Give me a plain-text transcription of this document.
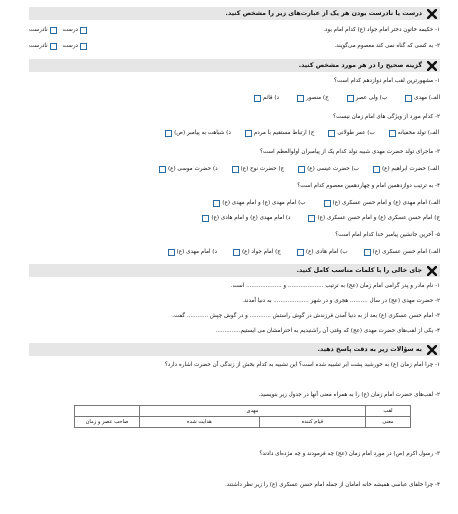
درست یا نادرست بودن هر یک از عبارت‌های زیر را مشخص کنید.
۱- حکیمه خاتون دختر امام جواد (ع) کدام امام بود.
درست
نادرست
۲- به کسی که گناه نمی کند معصوم می‌گویند.
درست
نادرست
گزینه صحیح را در هر مورد مشخص کنید.
۱- مشهورترین لقب امام دوازدهم کدام است؟
الف) مهدی
ب) ولی عصر
ج) منصور
د) قائم
۲- کدام مورد از ویژگی های امام زمان نیست؟
الف) تولد مخفیانه
ب) عمر طولانی
ج) ارتباط مستقیم با مردم
د) شباهت به پیامبر (ص)
۳- ماجرای تولد حضرت مهدی شبیه تولد کدام یک از پیامبران اولوالعظم است؟
الف) حضرت ابراهیم (ع)
ب) حضرت عیسی (ع)
ج) حضرت نوح (ع)
د) حضرت موسی (ع)
۴- به ترتیب دوازدهمین امام و چهاردهمین معصوم کدام است؟
الف) امام مهدی (ع) و امام حسن عسکری (ع)
ب) امام مهدی (ع) و امام مهدی (ع)
ج) امام حسن عسکری (ع) و امام حسن عسکری (ع)
د) امام مهدی (ع) و امام هادی (ع)
۵- آخرین جانشین پیامبر خدا کدام امام است؟
الف) امام حسن عسکری (ع)
ب) امام هادی (ع)
ج) امام جواد (ع)
د) امام مهدی (ع)
جای خالی را با کلمات مناسب کامل کنید.
۱- نام مادر و پدر گرامی امام زمان (عج) به ترتیب .................... و .................... است.
۲- حضرت مهدی (عج) در سال .......... هجری و در شهر .................... به دنیا آمدند.
۳- امام حسن عسکری (ع) بعد از به دنیا آمدن فرزندش در گوش راستش ............ و در گوش چپش ............ گفت.
۴- یکی از لقب‌های حضرت مهدی (عج) که وقتی آن راشنیدیم به احترامشان می ایستیم..............
به سؤالات زیر به دقت پاسخ دهید.
۱- چرا امام زمان (ع) به خورشید پشت ابر تشبیه شده است؟ این تشبیه به کدام بخش از زندگی آن حضرت اشاره دارد؟
۲- لقب‌های حضرت امام زمان (ع) را به همراه معنی آنها در جدول زیر بنویسید.
لقب	مهدی		
معنی	قیام کننده	هدایت شده	صاحب عصر و زمان
۳- رسول اکرم (ص) در مورد امام زمان (عج) چه فرمودند و چه مژده‌ای دادند؟
۴- چرا خلفای عباسی همیشه خانه امامان از جمله امام حسن عسکری (ع) را زیر نظر داشتند.
